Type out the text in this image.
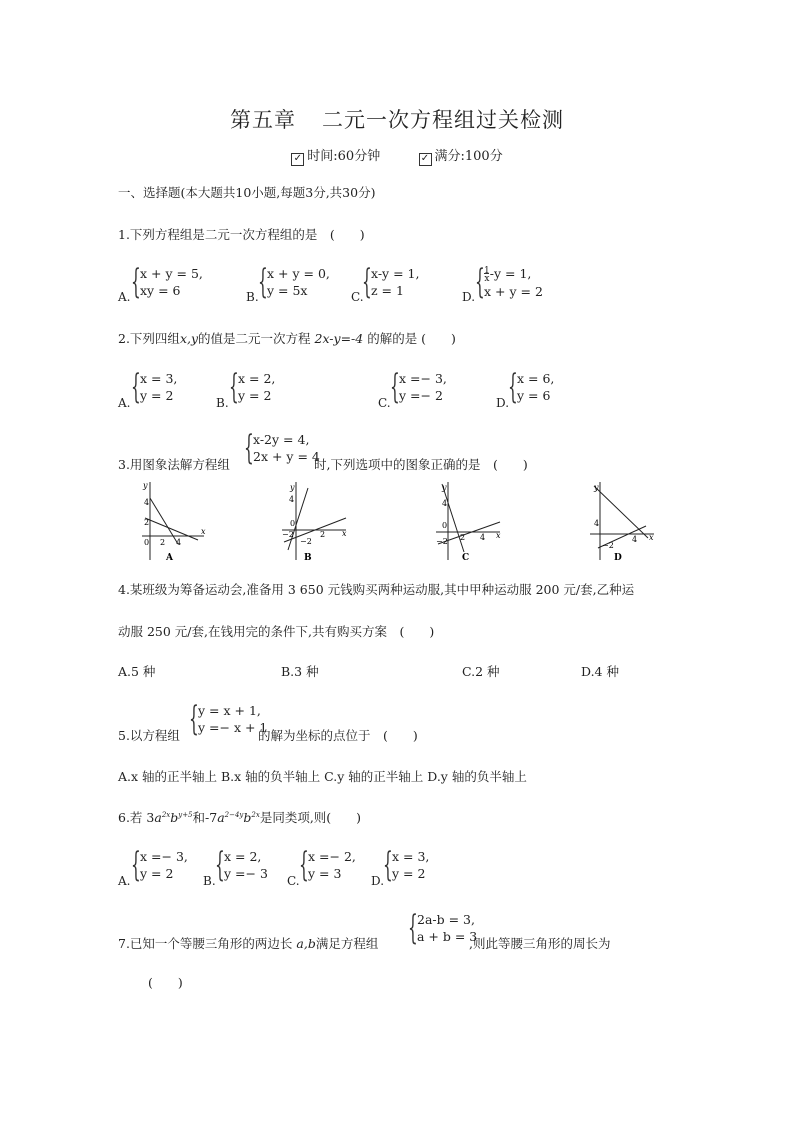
第五章 二元一次方程组过关检测
✓ 时间:60分钟	✓ 满分:100分
一、选择题(本大题共10小题,每题3分,共30分)
1.下列方程组是二元一次方程组的是　(　　)
A. { x + y = 5,
xy = 6	B. { x + y = 0,
y = 5x	C.
{ x-y = 1,
z = 1	D. { 1
x-y = 1,
x + y = 2
2.下列四组x,y的值是二元一次方程 2x-y=-4 的解的是 (　　)
A. { x = 3,
y = 2	B. { x = 2,
y = 2	C. { x =− 3,
y =− 2	D.
{ x = 6,
y = 6
3.用图象法解方程组 { x-2y = 4,
2x + y = 4
时,下列选项中的图象正确的是　(　　)
y
x
4
2
0 2 4
A
y
x
4
0
−2	2
−2
B
y
x
4
0
−2 2 4
C
y
x
4
−2
4
D
4.某班级为筹备运动会,准备用 3 650 元钱购买两种运动服,其中甲种运动服 200 元/套,乙种运
动服 250 元/套,在钱用完的条件下,共有购买方案　(　　)
A.5 种	B.3 种	C.2 种	D.4 种
5.以方程组 { y = x + 1,
y =− x + 1
的解为坐标的点位于　(　　)
A.x 轴的正半轴上 B.x 轴的负半轴上 C.y 轴的正半轴上 D.y 轴的负半轴上
6.若 $3a^{2x}b^{y+5}$和$-7a^{2-4y}b^{2x}$是同类项,则(　　)
A. { x =− 3,
y = 2	B. { x = 2,
y =− 3 C. { x =− 2,
y = 3	D.
{ x = 3,
y = 2
7.已知一个等腰三角形的两边长 a,b满足方程组 { 2a-b = 3,
a + b = 3
,则此等腰三角形的周长为
(　　)
